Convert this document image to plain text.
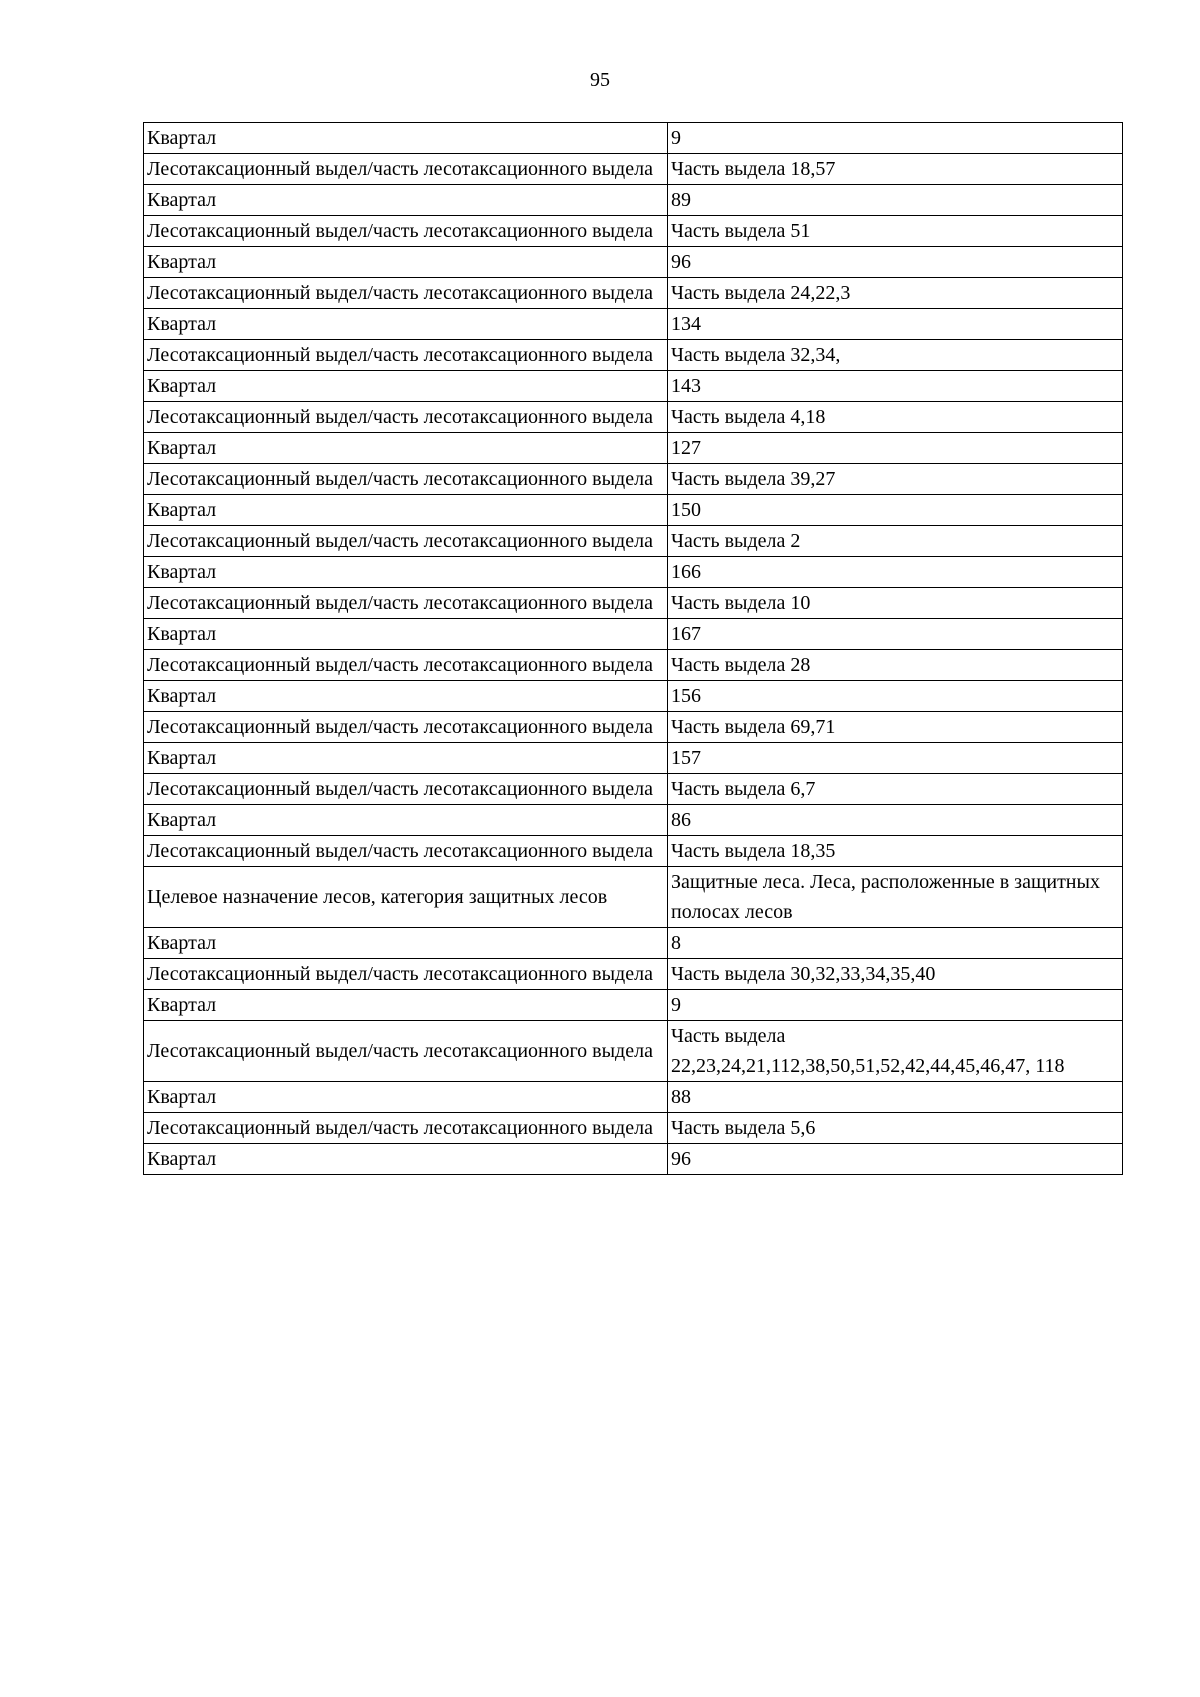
95
Квартал	9
Лесотаксационный выдел/часть лесотаксационного выдела	Часть выдела 18,57
Квартал	89
Лесотаксационный выдел/часть лесотаксационного выдела	Часть выдела 51
Квартал	96
Лесотаксационный выдел/часть лесотаксационного выдела	Часть выдела 24,22,3
Квартал	134
Лесотаксационный выдел/часть лесотаксационного выдела	Часть выдела 32,34,
Квартал	143
Лесотаксационный выдел/часть лесотаксационного выдела	Часть выдела 4,18
Квартал	127
Лесотаксационный выдел/часть лесотаксационного выдела	Часть выдела 39,27
Квартал	150
Лесотаксационный выдел/часть лесотаксационного выдела	Часть выдела 2
Квартал	166
Лесотаксационный выдел/часть лесотаксационного выдела	Часть выдела 10
Квартал	167
Лесотаксационный выдел/часть лесотаксационного выдела	Часть выдела 28
Квартал	156
Лесотаксационный выдел/часть лесотаксационного выдела	Часть выдела 69,71
Квартал	157
Лесотаксационный выдел/часть лесотаксационного выдела	Часть выдела 6,7
Квартал	86
Лесотаксационный выдел/часть лесотаксационного выдела	Часть выдела 18,35
Целевое назначение лесов, категория защитных лесов	Защитные леса. Леса, расположенные в защитных полосах лесов
Квартал	8
Лесотаксационный выдел/часть лесотаксационного выдела	Часть выдела 30,32,33,34,35,40
Квартал	9
Лесотаксационный выдел/часть лесотаксационного выдела	Часть выдела 22,23,24,21,112,38,50,51,52,42,44,45,46,47, 118
Квартал	88
Лесотаксационный выдел/часть лесотаксационного выдела	Часть выдела 5,6
Квартал	96
